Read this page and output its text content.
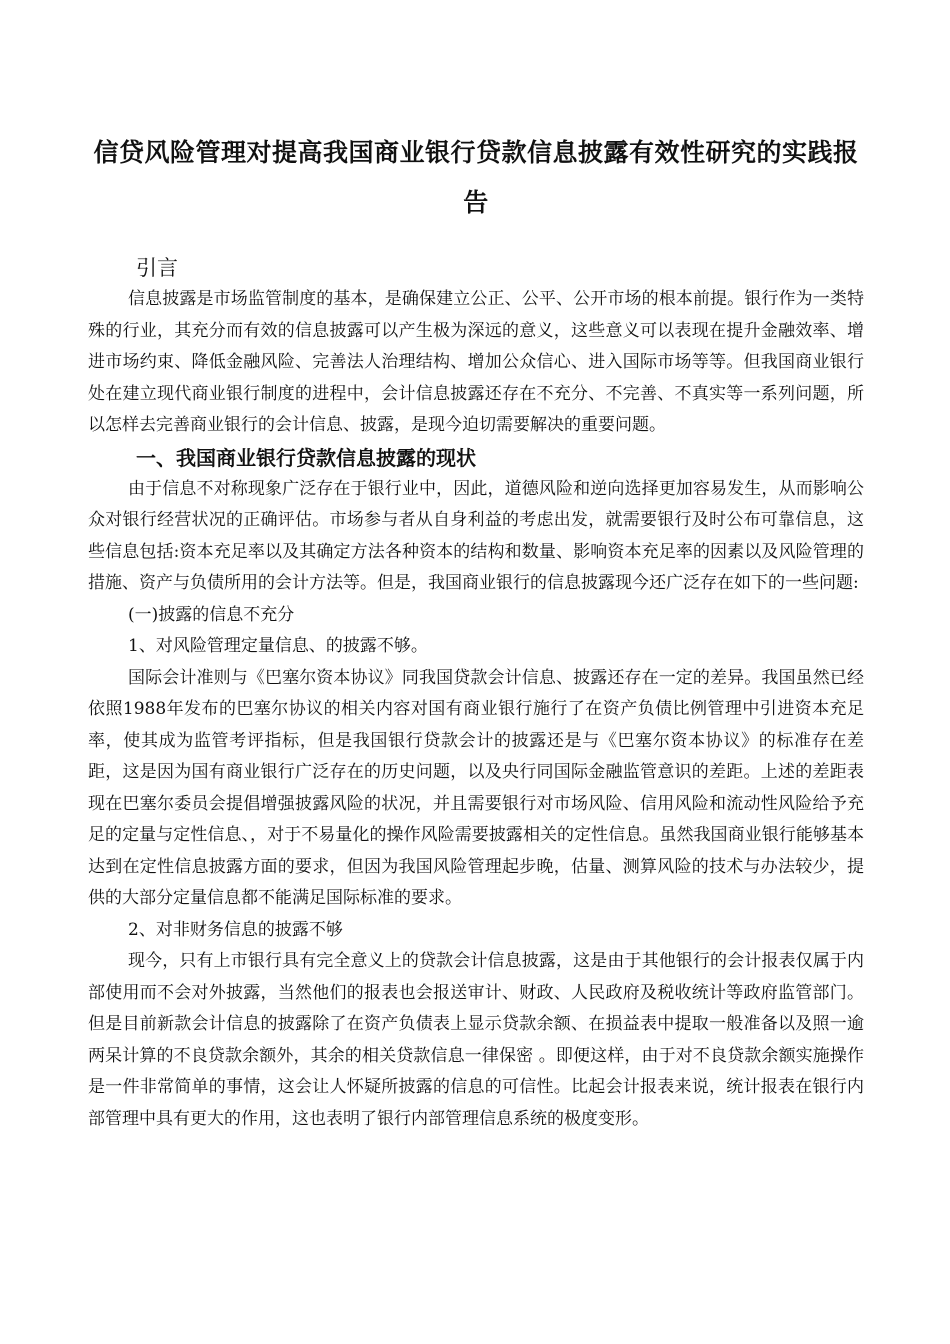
信贷风险管理对提高我国商业银行贷款信息披露有效性研究的实践报告
引言

信息披露是市场监管制度的基本，是确保建立公正、公平、公开市场的根本前提。银行作为一类特殊的行业，其充分而有效的信息披露可以产生极为深远的意义，这些意义可以表现在提升金融效率、增进市场约束、降低金融风险、完善法人治理结构、增加公众信心、进入国际市场等等。但我国商业银行处在建立现代商业银行制度的进程中，会计信息披露还存在不充分、不完善、不真实等一系列问题，所以怎样去完善商业银行的会计信息、披露，是现今迫切需要解决的重要问题。

一、我国商业银行贷款信息披露的现状

由于信息不对称现象广泛存在于银行业中，因此，道德风险和逆向选择更加容易发生，从而影响公众对银行经营状况的正确评估。市场参与者从自身利益的考虑出发，就需要银行及时公布可靠信息，这些信息包括:资本充足率以及其确定方法各种资本的结构和数量、影响资本充足率的因素以及风险管理的措施、资产与负债所用的会计方法等。但是，我国商业银行的信息披露现今还广泛存在如下的一些问题:

(一)披露的信息不充分

1、对风险管理定量信息、的披露不够。

国际会计准则与《巴塞尔资本协议》同我国贷款会计信息、披露还存在一定的差异。我国虽然已经依照1988年发布的巴塞尔协议的相关内容对国有商业银行施行了在资产负债比例管理中引进资本充足率，使其成为监管考评指标，但是我国银行贷款会计的披露还是与《巴塞尔资本协议》的标准存在差距，这是因为国有商业银行广泛存在的历史问题，以及央行同国际金融监管意识的差距。上述的差距表现在巴塞尔委员会提倡增强披露风险的状况，并且需要银行对市场风险、信用风险和流动性风险给予充足的定量与定性信息、，对于不易量化的操作风险需要披露相关的定性信息。虽然我国商业银行能够基本达到在定性信息披露方面的要求，但因为我国风险管理起步晚，估量、测算风险的技术与办法较少，提供的大部分定量信息都不能满足国际标准的要求。

2、对非财务信息的披露不够

现今，只有上市银行具有完全意义上的贷款会计信息披露，这是由于其他银行的会计报表仅属于内部使用而不会对外披露，当然他们的报表也会报送审计、财政、人民政府及税收统计等政府监管部门。但是目前新款会计信息的披露除了在资产负债表上显示贷款余额、在损益表中提取一般准备以及照一逾两呆计算的不良贷款余额外，其余的相关贷款信息一律保密 。即便这样，由于对不良贷款余额实施操作是一件非常简单的事情，这会让人怀疑所披露的信息的可信性。比起会计报表来说，统计报表在银行内部管理中具有更大的作用，这也表明了银行内部管理信息系统的极度变形。
